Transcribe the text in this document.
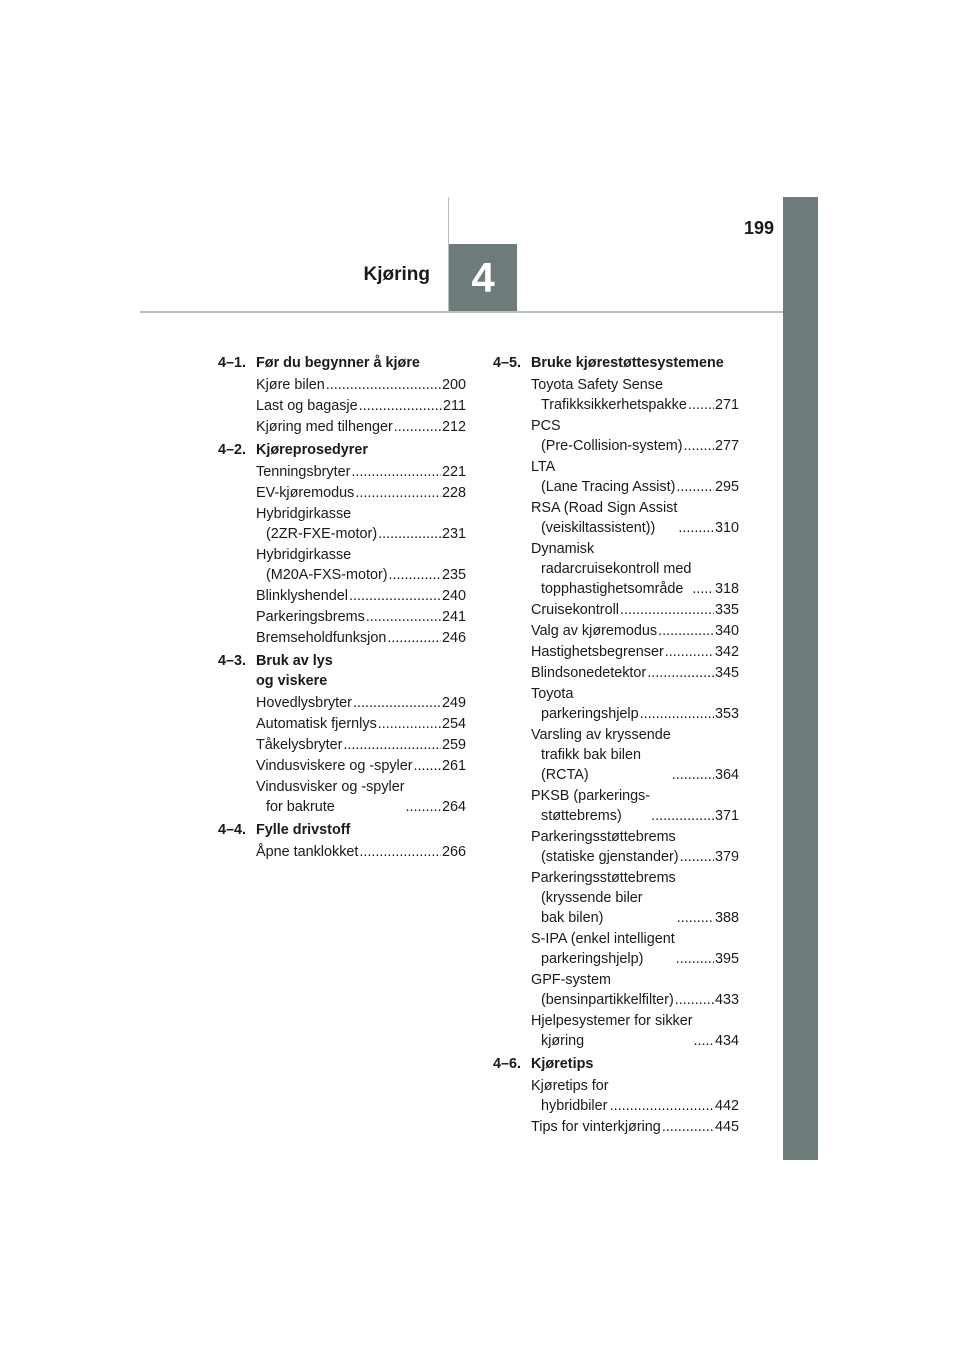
199
Kjøring 4
4–1. Før du begynner å kjøre
Kjøre bilen .....	200
Last og bagasje .....	211
Kjøring med tilhenger .....	212
4–2. Kjøreprosedyrer
Tenningsbryter .....	221
EV-kjøremodus .....	228
Hybridgirkasse
(2ZR-FXE-motor) .....	231
Hybridgirkasse
(M20A-FXS-motor) .....	235
Blinklyshendel .....	240
Parkeringsbrems .....	241
Bremseholdfunksjon .....	246
4–3. Bruk av lys
og viskere
Hovedlysbryter .....	249
Automatisk fjernlys .....	254
Tåkelysbryter .....	259
Vindusviskere og -spyler ..... 261
Vindusvisker og -spyler
for bakrute .....	264
4–4. Fylle drivstoff
Åpne tanklokket .....	266
4–5. Bruke kjørestøttesystemene
Toyota Safety Sense
Trafikksikkerhetspakke ..... 271
PCS
(Pre-Collision-system) ..... 277
LTA
(Lane Tracing Assist) .....	295
RSA (Road Sign Assist
(veiskiltassistent)) .....	310
Dynamisk
radarcruisekontroll med
topphastighetsområde .....	318
Cruisekontroll .....	335
Valg av kjøremodus .....	340
Hastighetsbegrenser .....	342
Blindsonedetektor .....	345
Toyota
parkeringshjelp .....	353
Varsling av kryssende
trafikk bak bilen
(RCTA) .....	364
PKSB (parkerings-
støttebrems) .....	371
Parkeringsstøttebrems
(statiske gjenstander) .....	379
Parkeringsstøttebrems
(kryssende biler
bak bilen) .....	388
S-IPA (enkel intelligent
parkeringshjelp) .....	395
GPF-system
(bensinpartikkelfilter) .....	433
Hjelpesystemer for sikker
kjøring .....	434
4–6. Kjøretips
Kjøretips for
hybridbiler .....	442
Tips for vinterkjøring .....	445
